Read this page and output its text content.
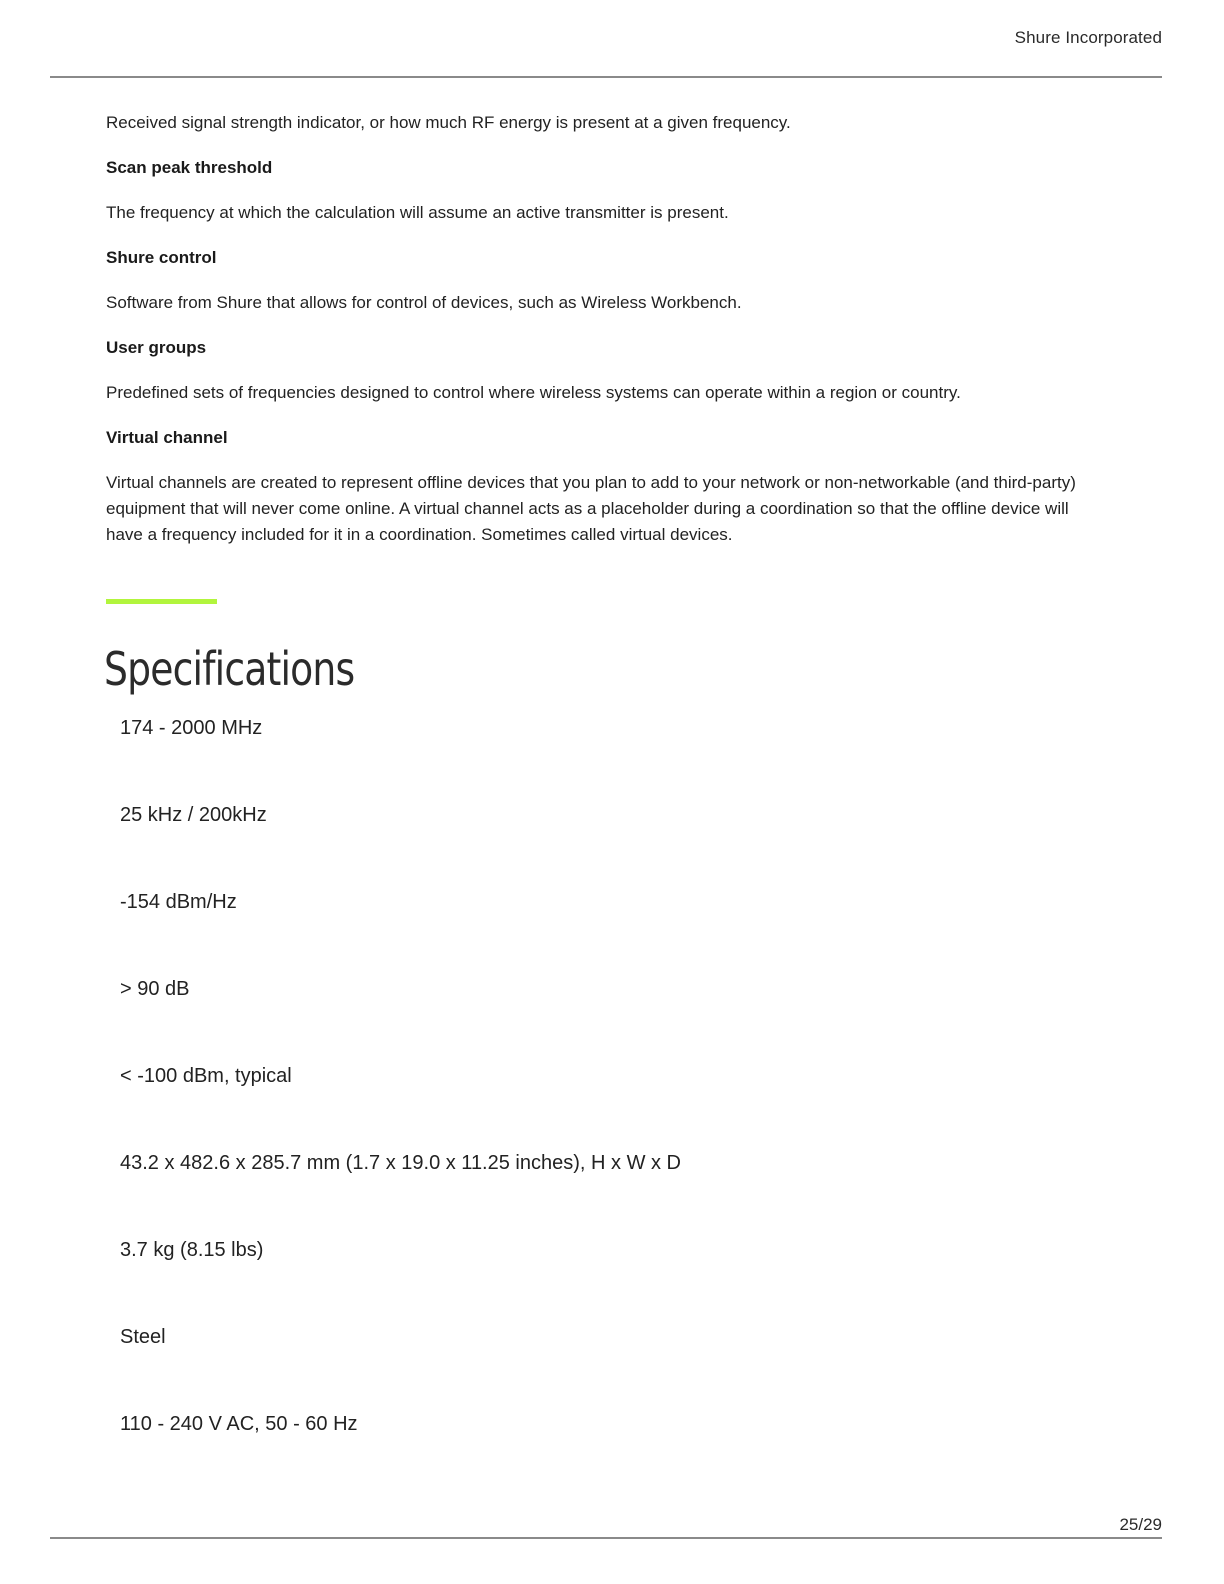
Shure Incorporated

Received signal strength indicator, or how much RF energy is present at a given frequency.

Scan peak threshold

The frequency at which the calculation will assume an active transmitter is present.

Shure control

Software from Shure that allows for control of devices, such as Wireless Workbench.

User groups

Predefined sets of frequencies designed to control where wireless systems can operate within a region or country.

Virtual channel

Virtual channels are created to represent offline devices that you plan to add to your network or non-networkable (and third-party) equipment that will never come online. A virtual channel acts as a placeholder during a coordination so that the offline device will have a frequency included for it in a coordination. Sometimes called virtual devices.

Specifications
174 - 2000 MHz
25 kHz / 200kHz
-154 dBm/Hz
> 90 dB
< -100 dBm, typical
43.2 x 482.6 x 285.7 mm (1.7 x 19.0 x 11.25 inches), H x W x D
3.7 kg (8.15 lbs)
Steel
110 - 240 V AC, 50 - 60 Hz
25/29
